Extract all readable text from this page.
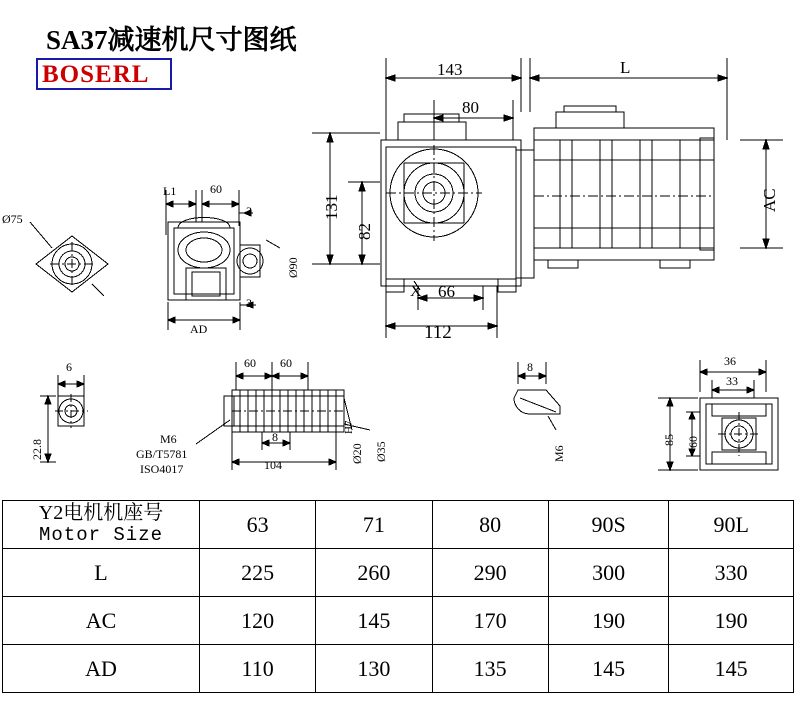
SA37减速机尺寸图纸
BOSERL	143	L
80
131
82
AC
66
112
X
L1	60
3
3
Ø90
AD
Ø75
6
22.8
60 60
M6
GB/T5781
ISO4017
8
104
Ø20
H7
Ø35
8
M6
36
33
85 60
Y2电机机座号
Motor Size	63	71	80	90S	90L
L	225	260	290	300	330
AC	120	145	170	190	190
AD	110	130	135	145	145
